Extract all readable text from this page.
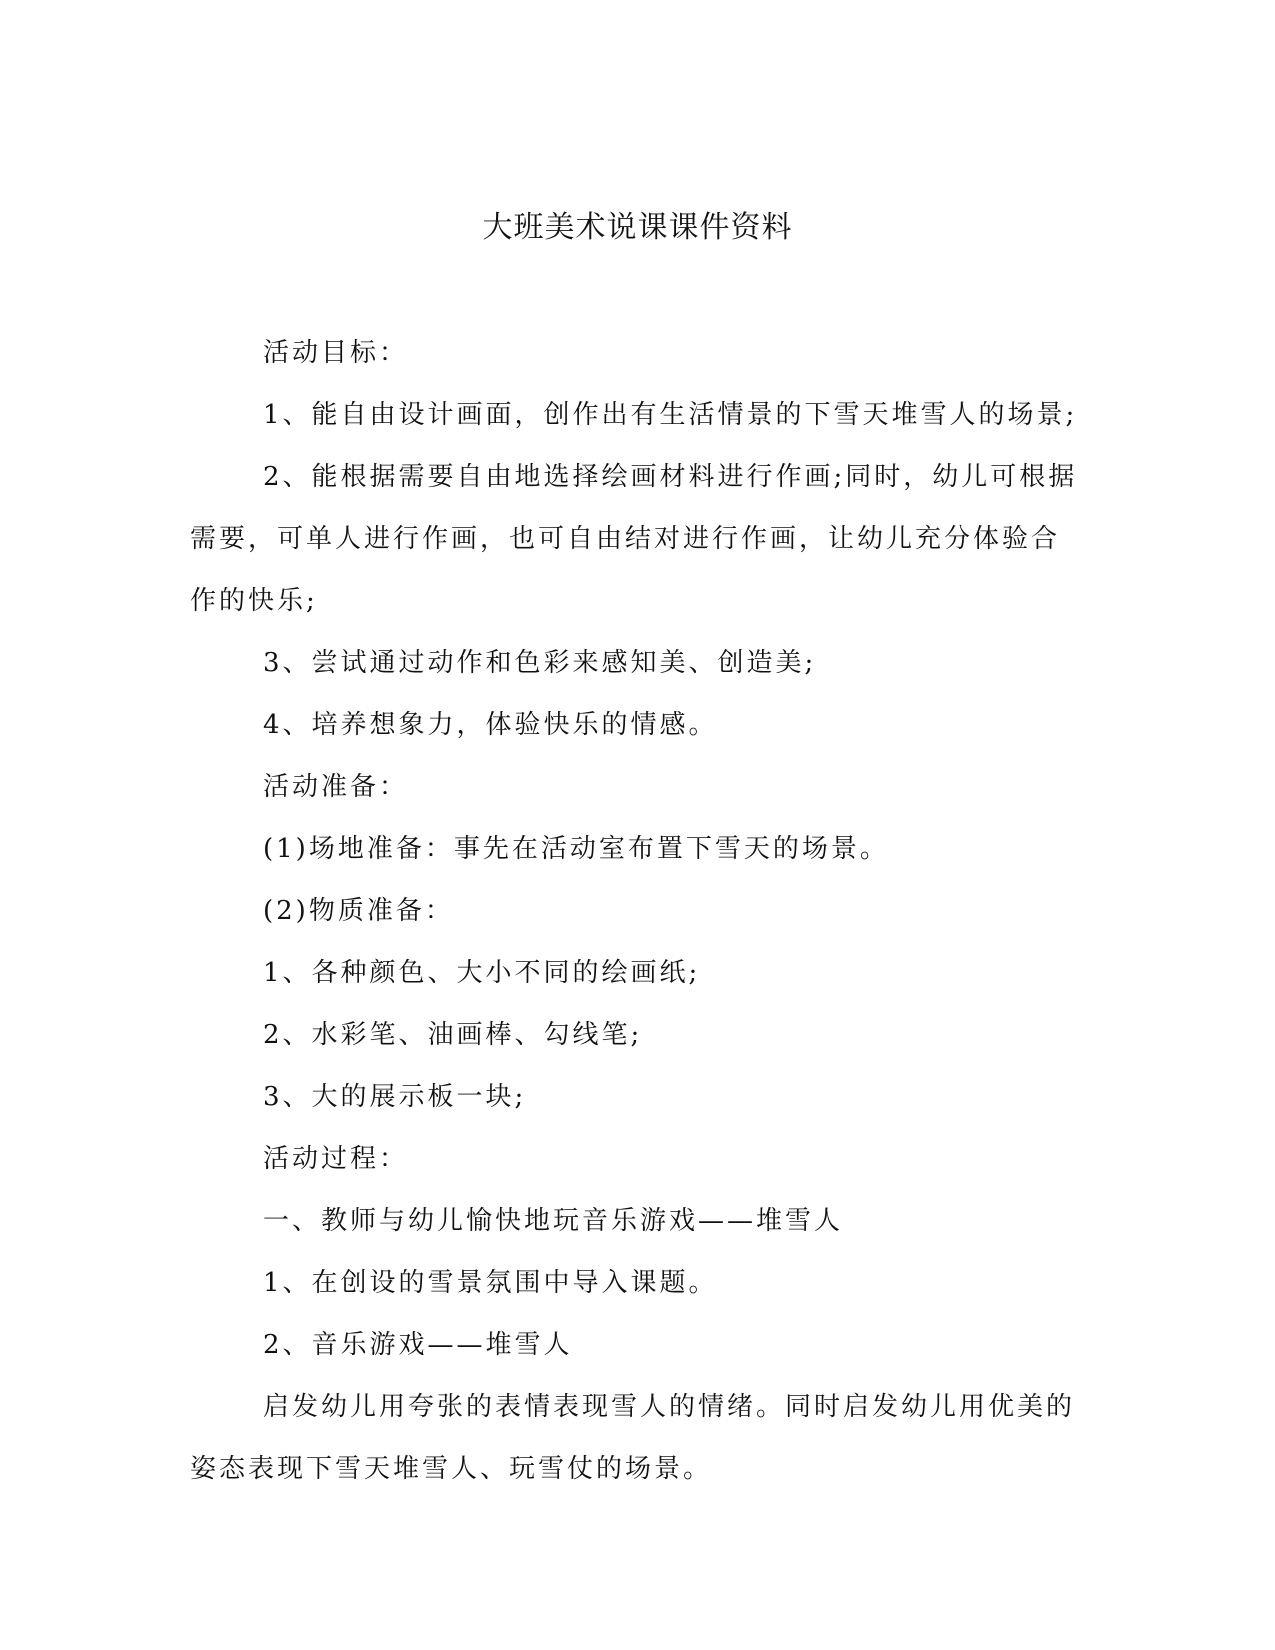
大班美术说课课件资料

活动目标：

1、能自由设计画面，创作出有生活情景的下雪天堆雪人的场景;

2、能根据需要自由地选择绘画材料进行作画;同时，幼儿可根据

需要，可单人进行作画，也可自由结对进行作画，让幼儿充分体验合

作的快乐;

3、尝试通过动作和色彩来感知美、创造美;

4、培养想象力，体验快乐的情感。

活动准备：

(1)场地准备：事先在活动室布置下雪天的场景。

(2)物质准备：

1、各种颜色、大小不同的绘画纸;

2、水彩笔、油画棒、勾线笔;

3、大的展示板一块;

活动过程：

一、教师与幼儿愉快地玩音乐游戏——堆雪人

1、在创设的雪景氛围中导入课题。

2、音乐游戏——堆雪人

启发幼儿用夸张的表情表现雪人的情绪。同时启发幼儿用优美的

姿态表现下雪天堆雪人、玩雪仗的场景。
